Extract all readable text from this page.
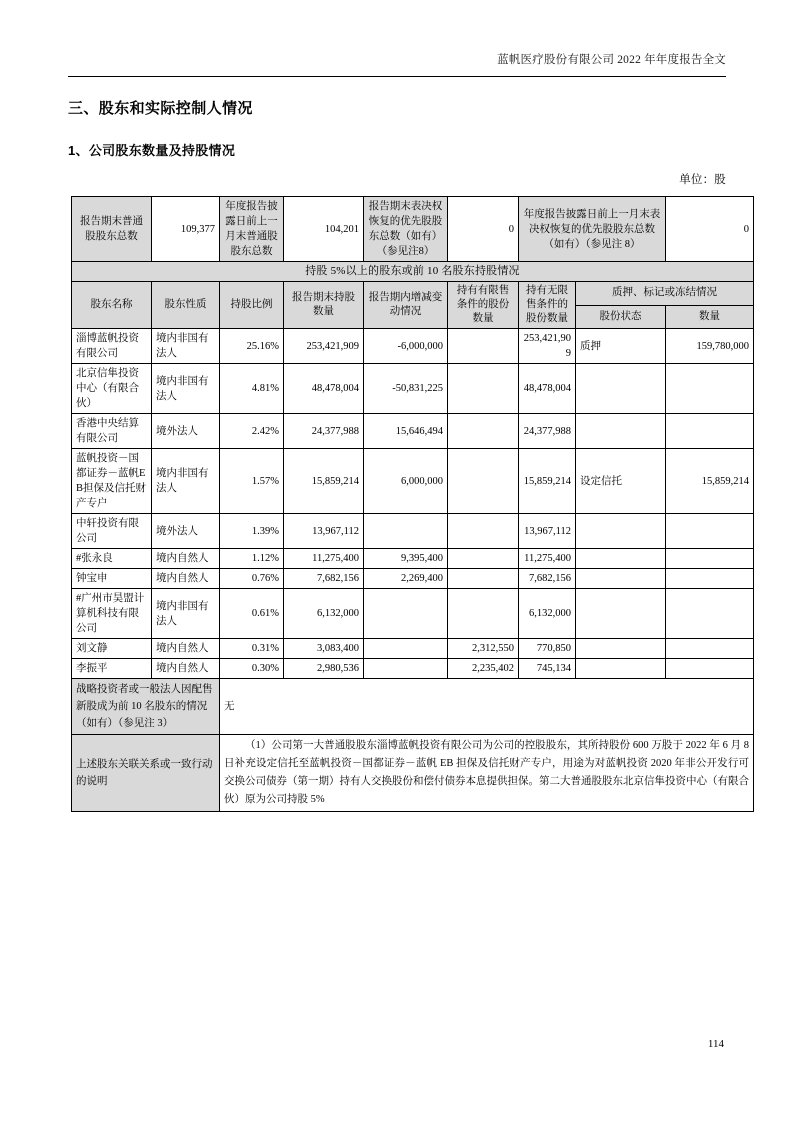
蓝帆医疗股份有限公司 2022 年年度报告全文
三、股东和实际控制人情况
1、公司股东数量及持股情况
单位：股
报告期末普通股股东总数	109,377	年度报告披露日前上一月末普通股股东总数	104,201	报告期末表决权恢复的优先股股东总数（如有）（参见注8）	0	年度报告披露日前上一月末表决权恢复的优先股股东总数（如有）（参见注 8）		0
持股 5%以上的股东或前 10 名股东持股情况								
股东名称	股东性质	持股比例	报告期末持股数量	报告期内增减变动情况	持有有限售条件的股份数量	持有无限售条件的股份数量	质押、标记或冻结情况	
							股份状态	数量
淄博蓝帆投资有限公司	境内非国有法人	25.16%	253,421,909	-6,000,000		253,421,909	质押	159,780,000
北京信隼投资中心（有限合伙）	境内非国有法人	4.81%	48,478,004	-50,831,225		48,478,004		
香港中央结算有限公司	境外法人	2.42%	24,377,988	15,646,494		24,377,988		
蓝帆投资－国都证券－蓝帆EB担保及信托财产专户	境内非国有法人	1.57%	15,859,214	6,000,000		15,859,214	设定信托	15,859,214
中轩投资有限公司	境外法人	1.39%	13,967,112			13,967,112		
#张永良	境内自然人	1.12%	11,275,400	9,395,400		11,275,400		
钟宝申	境内自然人	0.76%	7,682,156	2,269,400		7,682,156		
#广州市昊盟计算机科技有限公司	境内非国有法人	0.61%	6,132,000			6,132,000		
刘文静	境内自然人	0.31%	3,083,400		2,312,550	770,850		
李振平	境内自然人	0.30%	2,980,536		2,235,402	745,134		
战略投资者或一般法人因配售新股成为前 10 名股东的情况（如有）（参见注 3）		无						
上述股东关联关系或一致行动的说明		（1）公司第一大普通股股东淄博蓝帆投资有限公司为公司的控股股东，其所持股份 600 万股于 2022 年 6 月 8 日补充设定信托至蓝帆投资－国都证券－蓝帆 EB 担保及信托财产专户，用途为对蓝帆投资 2020 年非公开发行可交换公司债券（第一期）持有人交换股份和偿付债券本息提供担保。第二大普通股股东北京信隼投资中心（有限合伙）原为公司持股 5%						

114
